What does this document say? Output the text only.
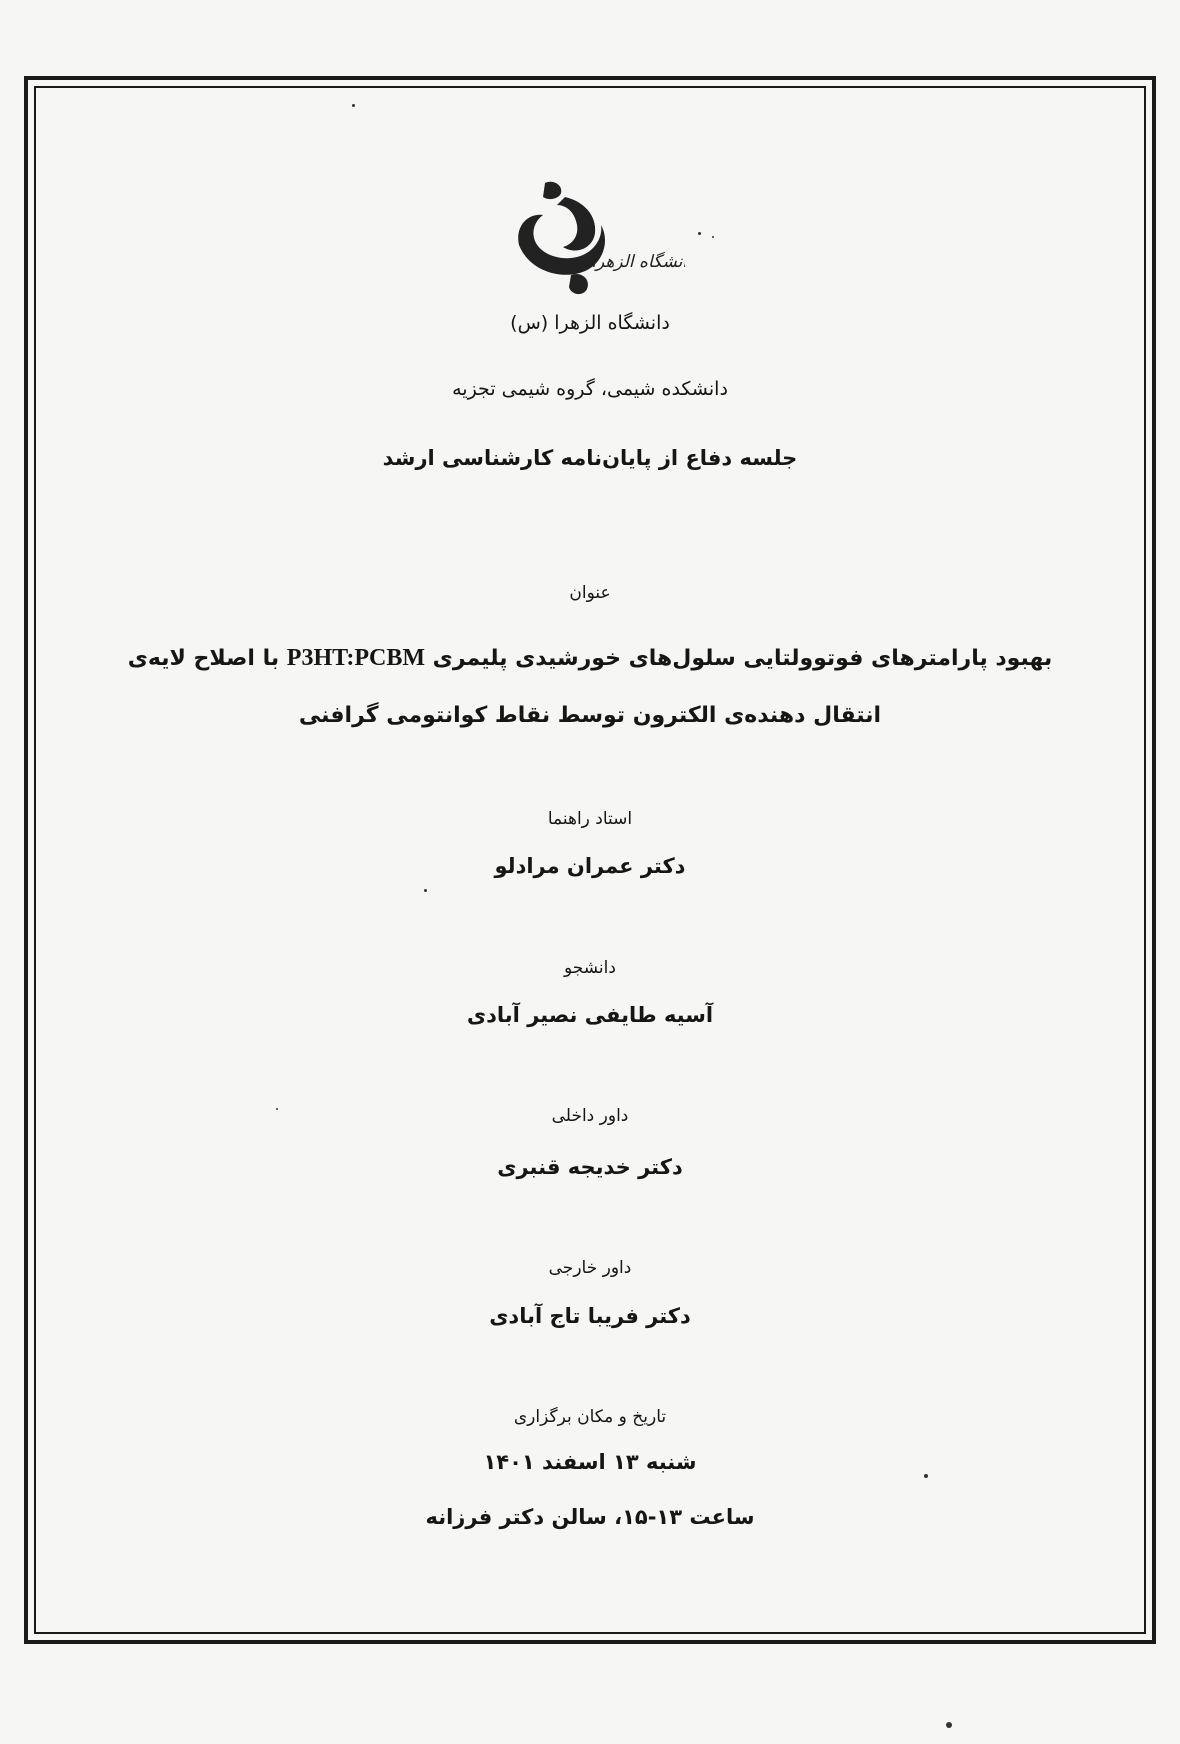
دانشگاه الزهرا
دانشگاه الزهرا (س)
دانشکده شیمی، گروه شیمی تجزیه
جلسه دفاع از پایان‌نامه کارشناسی ارشد
عنوان
بهبود پارامترهای فوتوولتایی سلول‌های خورشیدی پلیمری P3HT:PCBM با اصلاح لایه‌ی
انتقال دهنده‌ی الکترون توسط نقاط کوانتومی گرافنی
استاد راهنما
دکتر عمران مرادلو
دانشجو
آسیه طایفی نصیر آبادی
داور داخلی
دکتر خدیجه قنبری
داور خارجی
دکتر فریبا تاج آبادی
تاریخ و مکان برگزاری
شنبه ۱۳ اسفند ۱۴۰۱
ساعت ۱۳-۱۵، سالن دکتر فرزانه
